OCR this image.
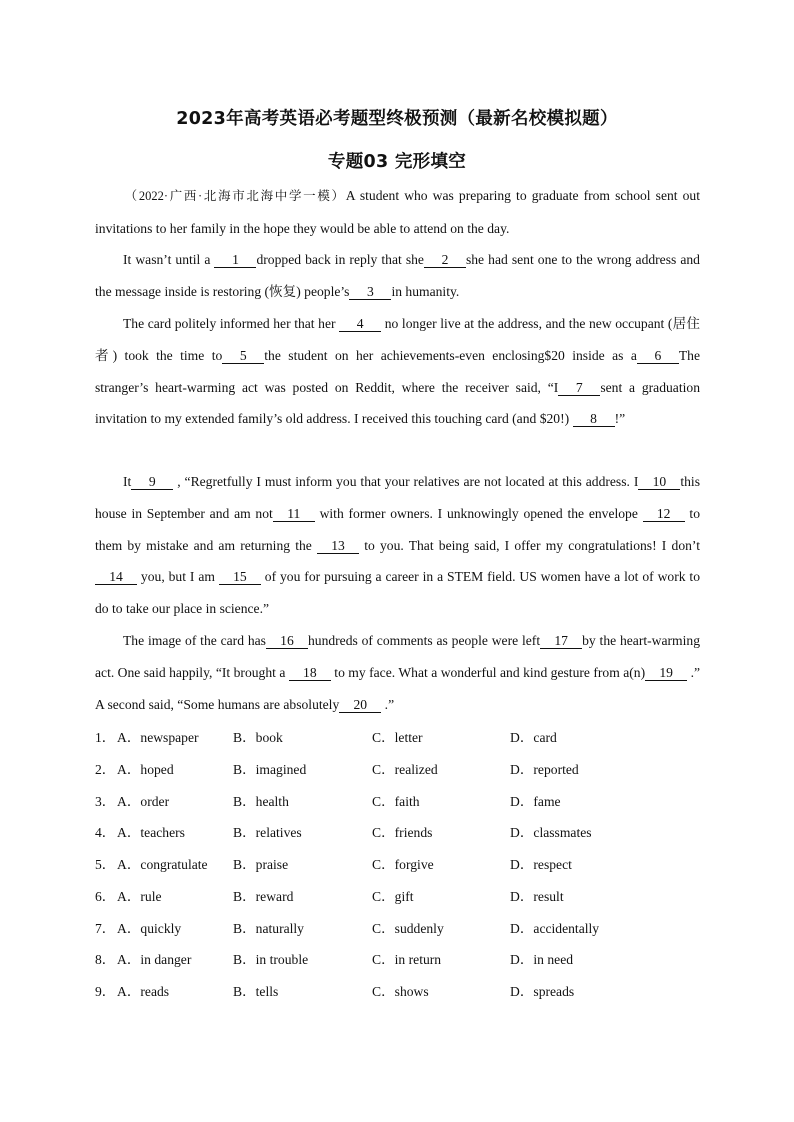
2023年高考英语必考题型终极预测（最新名校模拟题）
专题03 完形填空
（2022·广西·北海市北海中学一模）A student who was preparing to graduate from school sent out invitations to her family in the hope they would be able to attend on the day.
It wasn’t until a 1 dropped back in reply that she 2 she had sent one to the wrong address and the message inside is restoring (恢复) people’s 3 in humanity.
The card politely informed her that her 4 no longer live at the address, and the new occupant (居住者) took the time to 5 the student on her achievements-even enclosing$20 inside as a 6 The stranger’s heart-warming act was posted on Reddit, where the receiver said, “I 7 sent a graduation invitation to my extended family’s old address. I received this touching card (and $20!) 8 !”
It 9 , “Regretfully I must inform you that your relatives are not located at this address. I 10 this house in September and am not 11 with former owners. I unknowingly opened the envelope 12 to them by mistake and am returning the 13 to you. That being said, I offer my congratulations! I don’t 14 you, but I am 15 of you for pursuing a career in a STEM field. US women have a lot of work to do to take our place in science.”
The image of the card has 16 hundreds of comments as people were left 17 by the heart-warming act. One said happily, “It brought a 18 to my face. What a wonderful and kind gesture from a(n) 19 .” A second said, “Some humans are absolutely 20 .”
1． A．newspaper	B．book	C．letter	D．card
2． A．hoped	B．imagined	C．realized	D．reported
3． A．order	B．health	C．faith	D．fame
4． A．teachers	B．relatives	C．friends	D．classmates
5． A．congratulate B．praise	C．forgive	D．respect
6． A．rule	B．reward	C．gift	D．result
7． A．quickly	B．naturally	C．suddenly	D．accidentally
8． A．in danger	B．in trouble	C．in return	D．in need
9． A．reads	B．tells	C．shows	D．spreads
